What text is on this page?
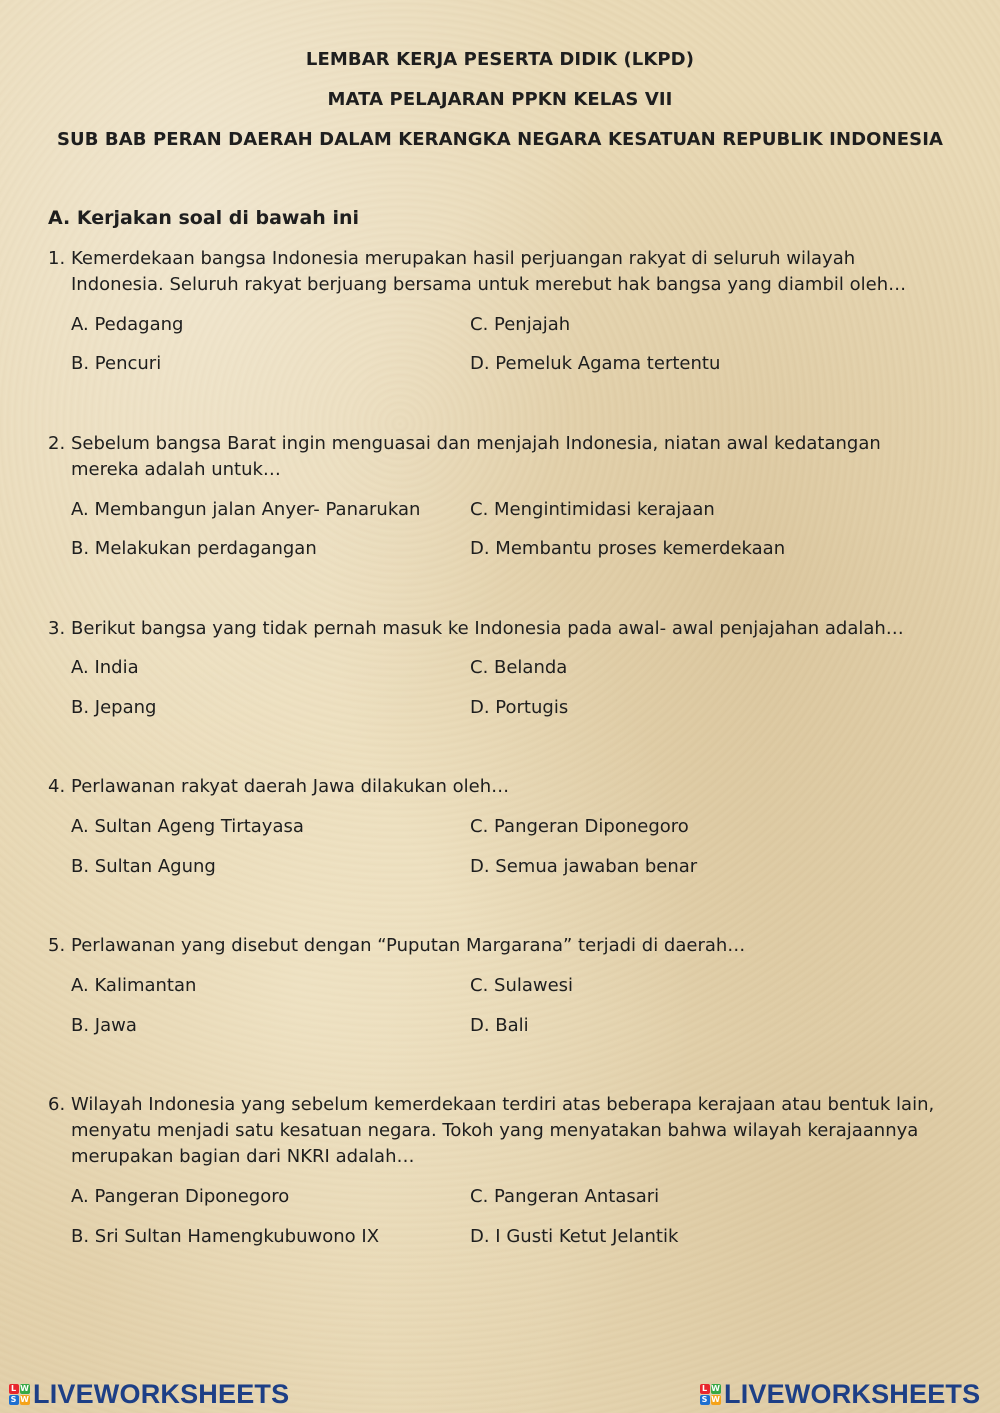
LEMBAR KERJA PESERTA DIDIK (LKPD)
MATA PELAJARAN PPKN KELAS VII
SUB BAB PERAN DAERAH DALAM KERANGKA NEGARA KESATUAN REPUBLIK INDONESIA
A. Kerjakan soal di bawah ini
1. Kemerdekaan bangsa Indonesia merupakan hasil perjuangan rakyat di seluruh wilayah Indonesia. Seluruh rakyat berjuang bersama untuk merebut hak bangsa yang diambil oleh…
A. Pedagang	C. Penjajah
B. Pencuri	D. Pemeluk Agama tertentu
2. Sebelum bangsa Barat ingin menguasai dan menjajah Indonesia, niatan awal kedatangan mereka adalah untuk…
A. Membangun jalan Anyer- Panarukan	C. Mengintimidasi kerajaan
B. Melakukan perdagangan	D. Membantu proses kemerdekaan
3. Berikut bangsa yang tidak pernah masuk ke Indonesia pada awal- awal penjajahan adalah…
A. India	C. Belanda
B. Jepang	D. Portugis
4. Perlawanan rakyat daerah Jawa dilakukan oleh…
A. Sultan Ageng Tirtayasa	C. Pangeran Diponegoro
B. Sultan Agung	D. Semua jawaban benar
5. Perlawanan yang disebut dengan “Puputan Margarana” terjadi di daerah…
A. Kalimantan	C. Sulawesi
B. Jawa	D. Bali
6. Wilayah Indonesia yang sebelum kemerdekaan terdiri atas beberapa kerajaan atau bentuk lain, menyatu menjadi satu kesatuan negara. Tokoh yang menyatakan bahwa wilayah kerajaannya merupakan bagian dari NKRI adalah…
A. Pangeran Diponegoro	C. Pangeran Antasari
B. Sri Sultan Hamengkubuwono IX	D. I Gusti Ketut Jelantik
L W
S W LIVEWORKSHEETS	L W
S W LIVEWORKSHEETS
